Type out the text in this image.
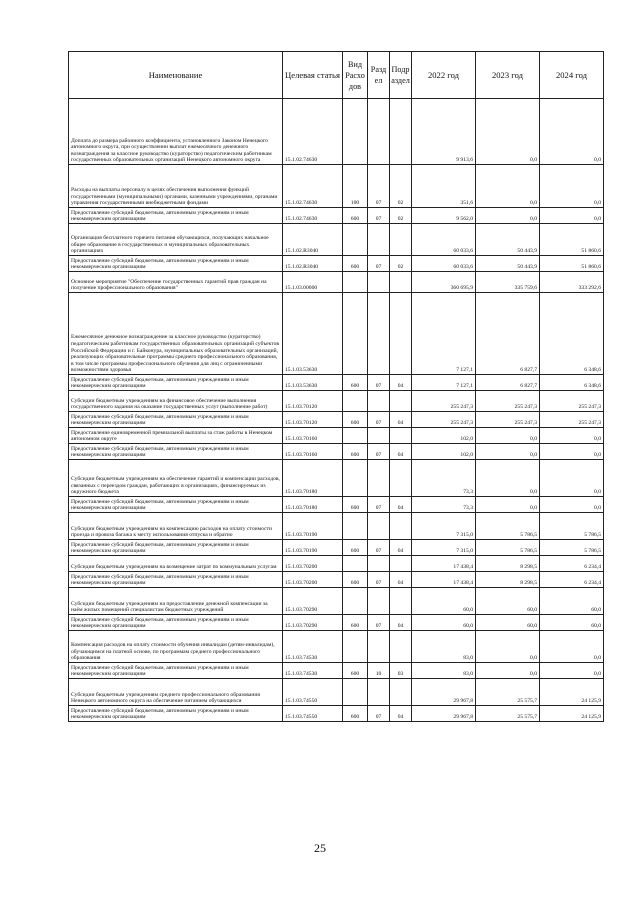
Наименование	Целевая статья	Вид Расхо дов	Разд ел	Подр аздел	2022 год	2023 год	2024 год
Доплата до размера районного коэффициента, установленного Законом Ненецкого автономного округа, при осуществлении выплат ежемесячного денежного вознаграждения за классное руководство (кураторство) педагогическим работникам государственных образовательных организаций Ненецкого автономного округа	15.1.02.74630				9 913,6	0,0	0,0
Расходы на выплаты персоналу в целях обеспечения выполнения функций государственными (муниципальными) органами, казенными учреждениями, органами управления государственными внебюджетными фондами	15.1.02.74630	100	07	02	351,6	0,0	0,0
Предоставление субсидий бюджетным, автономным учреждениям и иным некоммерческим организациям	15.1.02.74630	600	07	02	9 562,0	0,0	0,0
Организация бесплатного горячего питания обучающихся, получающих начальное общее образование в государственных и муниципальных образовательных организациях	15.1.02.R3040				60 033,6	50 443,9	51 860,6
Предоставление субсидий бюджетным, автономным учреждениям и иным некоммерческим организациям	15.1.02.R3040	600	07	02	60 033,6	50 443,9	51 860,6
Основное мероприятие "Обеспечение государственных гарантий прав граждан на получение профессионального образования"	15.1.03.00000				360 695,9	335 759,6	333 292,6
Ежемесячное денежное вознаграждение за классное руководство (кураторство) педагогическим работникам государственных образовательных организаций субъектов Российской Федерации и г. Байконура, муниципальных образовательных организаций, реализующих образовательные программы среднего профессионального образования, в том числе программы профессионального обучения для лиц с ограниченными возможностями здоровья	15.1.03.53630				7 127,1	6 827,7	6 348,6
Предоставление субсидий бюджетным, автономным учреждениям и иным некоммерческим организациям	15.1.03.53630	600	07	04	7 127,1	6 827,7	6 348,6
Субсидии бюджетным учреждениям на финансовое обеспечение выполнения государственного задания на оказание государственных услуг (выполнение работ)	15.1.03.70120				255 247,3	255 247,3	255 247,3
Предоставление субсидий бюджетным, автономным учреждениям и иным некоммерческим организациям	15.1.03.70120	600	07	04	255 247,3	255 247,3	255 247,3
Предоставление единовременной премиальной выплаты за стаж работы в Ненецком автономном округе	15.1.03.70160				102,0	0,0	0,0
Предоставление субсидий бюджетным, автономным учреждениям и иным некоммерческим организациям	15.1.03.70160	600	07	04	102,0	0,0	0,0
Субсидии бюджетным учреждениям на обеспечение гарантий и компенсации расходов, связанных с переездом граждан, работающих в организациях, финансируемых из окружного бюджета	15.1.03.70180				73,3	0,0	0,0
Предоставление субсидий бюджетным, автономным учреждениям и иным некоммерческим организациям	15.1.03.70180	600	07	04	73,3	0,0	0,0
Субсидии бюджетным учреждениям на компенсацию расходов на оплату стоимости проезда и провоза багажа к месту использования отпуска и обратно	15.1.03.70190				7 315,0	5 786,5	5 786,5
Предоставление субсидий бюджетным, автономным учреждениям и иным некоммерческим организациям	15.1.03.70190	600	07	04	7 315,0	5 786,5	5 786,5
Субсидии бюджетным учреждениям на возмещение затрат по коммунальным услугам	15.1.03.70200				17 438,4	8 298,5	6 234,4
Предоставление субсидий бюджетным, автономным учреждениям и иным некоммерческим организациям	15.1.03.70200	600	07	04	17 438,4	8 298,5	6 234,4
Субсидии бюджетным учреждениям на предоставление денежной компенсации за наём жилых помещений специалистам бюджетных учреждений	15.1.03.70290				60,0	60,0	60,0
Предоставление субсидий бюджетным, автономным учреждениям и иным некоммерческим организациям	15.1.03.70290	600	07	04	60,0	60,0	60,0
Компенсация расходов на оплату стоимости обучения инвалидам (детям-инвалидам), обучающимся на платной основе, по программам среднего профессионального образования	15.1.03.74530				83,0	0,0	0,0
Предоставление субсидий бюджетным, автономным учреждениям и иным некоммерческим организациям	15.1.03.74530	600	10	03	83,0	0,0	0,0
Субсидии бюджетным учреждениям среднего профессионального образования Ненецкого автономного округа на обеспечение питанием обучающихся	15.1.03.74550				29 967,8	25 575,7	24 125,9
Предоставление субсидий бюджетным, автономным учреждениям и иным некоммерческим организациям	15.1.03.74550	600	07	04	29 967,8	25 575,7	24 125,9
25
